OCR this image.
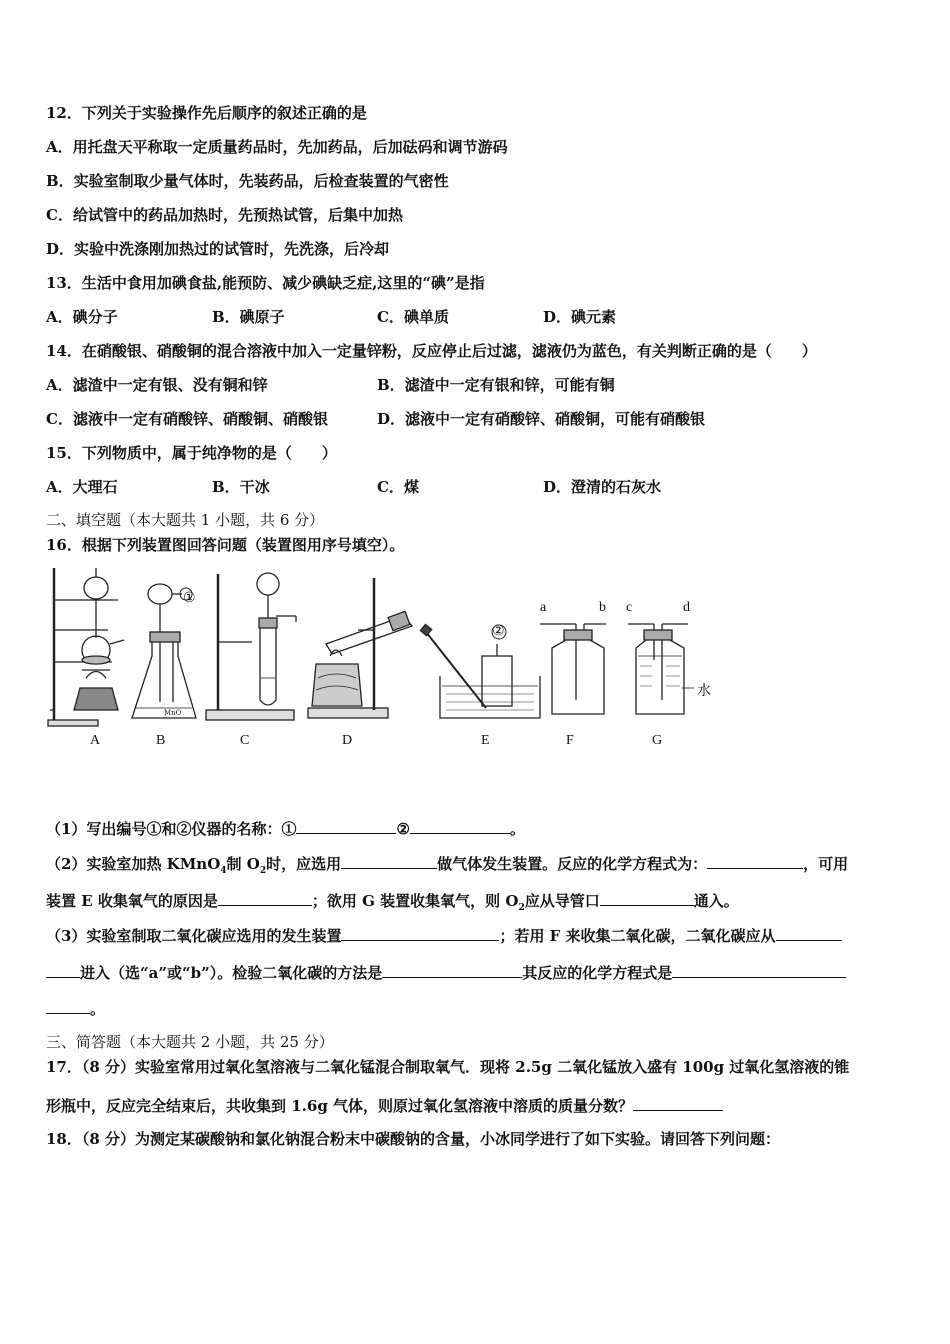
12．下列关于实验操作先后顺序的叙述正确的是
A．用托盘天平称取一定质量药品时，先加药品，后加砝码和调节游码
B．实验室制取少量气体时，先装药品，后检查装置的气密性
C．给试管中的药品加热时，先预热试管，后集中加热
D．实验中洗涤刚加热过的试管时，先洗涤，后冷却
13．生活中食用加碘食盐,能预防、减少碘缺乏症,这里的“碘”是指
A．碘分子	B．碘原子	C．碘单质	D．碘元素
14．在硝酸银、硝酸铜的混合溶液中加入一定量锌粉，反应停止后过滤，滤液仍为蓝色，有关判断正确的是（　　）
A．滤渣中一定有银、没有铜和锌	B．滤渣中一定有银和锌，可能有铜
C．滤液中一定有硝酸锌、硝酸铜、硝酸银	D．滤液中一定有硝酸锌、硝酸铜，可能有硝酸银
15．下列物质中，属于纯净物的是（　　）
A．大理石	B．干冰	C．煤	D．澄清的石灰水
二、填空题（本大题共 1 小题，共 6 分）
16．根据下列装置图回答问题（装置图用序号填空）。
MnO
①
②
a	b c	d
水
A	B	C	D	E	F	G
（1）写出编号①和②仪器的名称：①	②	。
（2）实验室加热 KMnO$_4$制 $O_2$时，应选用	做气体发生装置。反应的化学方程式为：	，可用
装置 E 收集氧气的原因是	；欲用 G 装置收集氧气，则 $O_2$应从导管口	通入。
（3）实验室制取二氧化碳应选用的发生装置	；若用 F 来收集二氧化碳，二氧化碳应从
进入（选“a”或“b”）。检验二氧化碳的方法是	其反应的化学方程式是
。
三、简答题（本大题共 2 小题，共 25 分）
17．（8 分）实验室常用过氧化氢溶液与二氧化锰混合制取氧气．现将 2.5g 二氧化锰放入盛有 100g 过氧化氢溶液的锥
形瓶中，反应完全结束后，共收集到 1.6g 气体，则原过氧化氢溶液中溶质的质量分数？
18．（8 分）为测定某碳酸钠和氯化钠混合粉末中碳酸钠的含量，小冰同学进行了如下实验。请回答下列问题：
